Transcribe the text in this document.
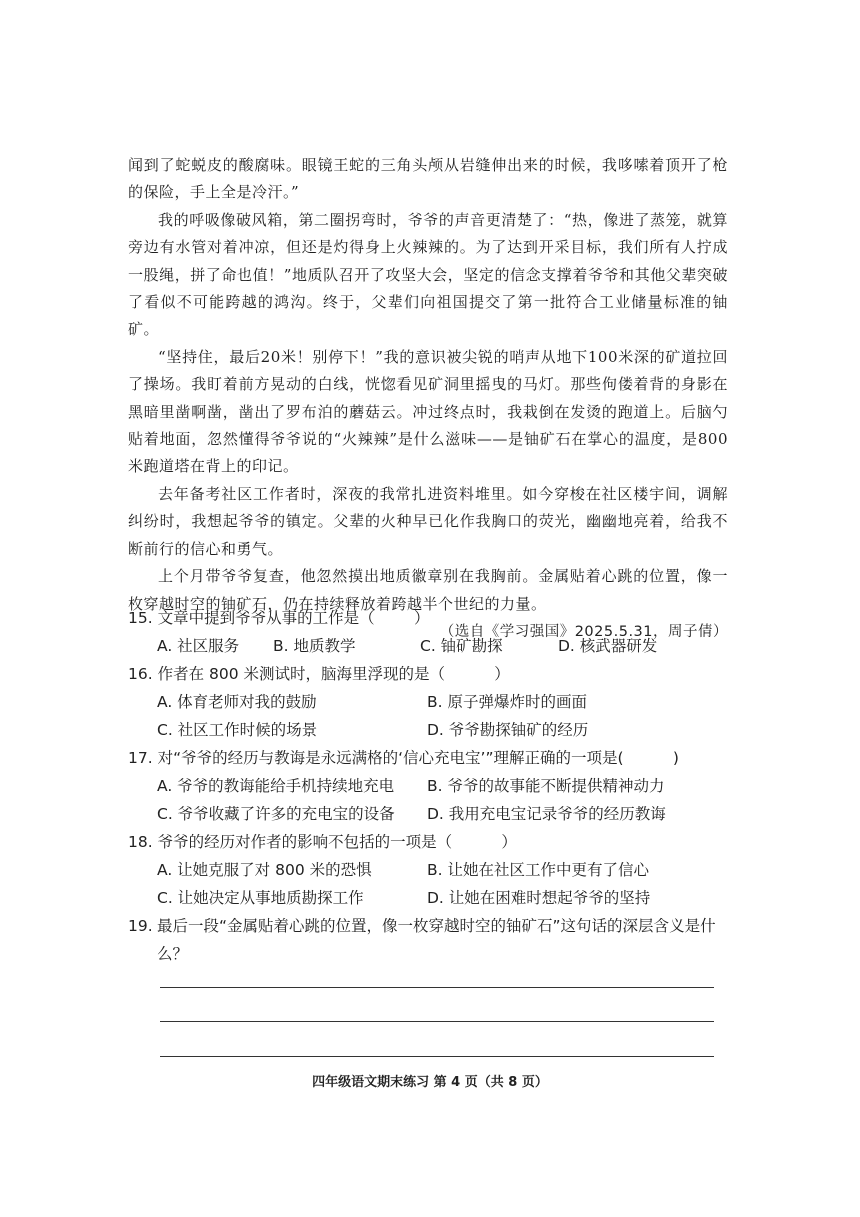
闻到了蛇蜕皮的酸腐味。眼镜王蛇的三角头颅从岩缝伸出来的时候，我哆嗦着顶开了枪的保险，手上全是冷汗。”

我的呼吸像破风箱，第二圈拐弯时，爷爷的声音更清楚了：“热，像进了蒸笼，就算旁边有水管对着冲凉，但还是灼得身上火辣辣的。为了达到开采目标，我们所有人拧成一股绳，拼了命也值！”地质队召开了攻坚大会，坚定的信念支撑着爷爷和其他父辈突破了看似不可能跨越的鸿沟。终于，父辈们向祖国提交了第一批符合工业储量标准的铀矿。

“坚持住，最后20米！别停下！”我的意识被尖锐的哨声从地下100米深的矿道拉回了操场。我盯着前方晃动的白线，恍惚看见矿洞里摇曳的马灯。那些佝偻着背的身影在黑暗里凿啊凿，凿出了罗布泊的蘑菇云。冲过终点时，我栽倒在发烫的跑道上。后脑勺贴着地面，忽然懂得爷爷说的“火辣辣”是什么滋味——是铀矿石在掌心的温度，是800米跑道塔在背上的印记。

去年备考社区工作者时，深夜的我常扎进资料堆里。如今穿梭在社区楼宇间，调解纠纷时，我想起爷爷的镇定。父辈的火种早已化作我胸口的荧光，幽幽地亮着，给我不断前行的信心和勇气。

上个月带爷爷复查，他忽然摸出地质徽章别在我胸前。金属贴着心跳的位置，像一枚穿越时空的铀矿石，仍在持续释放着跨越半个世纪的力量。

（选自《学习强国》2025.5.31，周子倩）
15. 文章中提到爷爷从事的工作是（        ）
A. 社区服务	B. 地质教学	C. 铀矿勘探	D. 核武器研发
16. 作者在 800 米测试时，脑海里浮现的是（          ）
A. 体育老师对我的鼓励	B. 原子弹爆炸时的画面
C. 社区工作时候的场景	D. 爷爷勘探铀矿的经历
17. 对“爷爷的经历与教诲是永远满格的‘信心充电宝’”理解正确的一项是(          )
A. 爷爷的教诲能给手机持续地充电	B. 爷爷的故事能不断提供精神动力
C. 爷爷收藏了许多的充电宝的设备	D. 我用充电宝记录爷爷的经历教诲
18. 爷爷的经历对作者的影响不包括的一项是（          ）
A. 让她克服了对 800 米的恐惧	B. 让她在社区工作中更有了信心
C. 让她决定从事地质勘探工作	D. 让她在困难时想起爷爷的坚持
19. 最后一段“金属贴着心跳的位置，像一枚穿越时空的铀矿石”这句话的深层含义是什么？
四年级语文期末练习 第 4 页（共 8 页）
